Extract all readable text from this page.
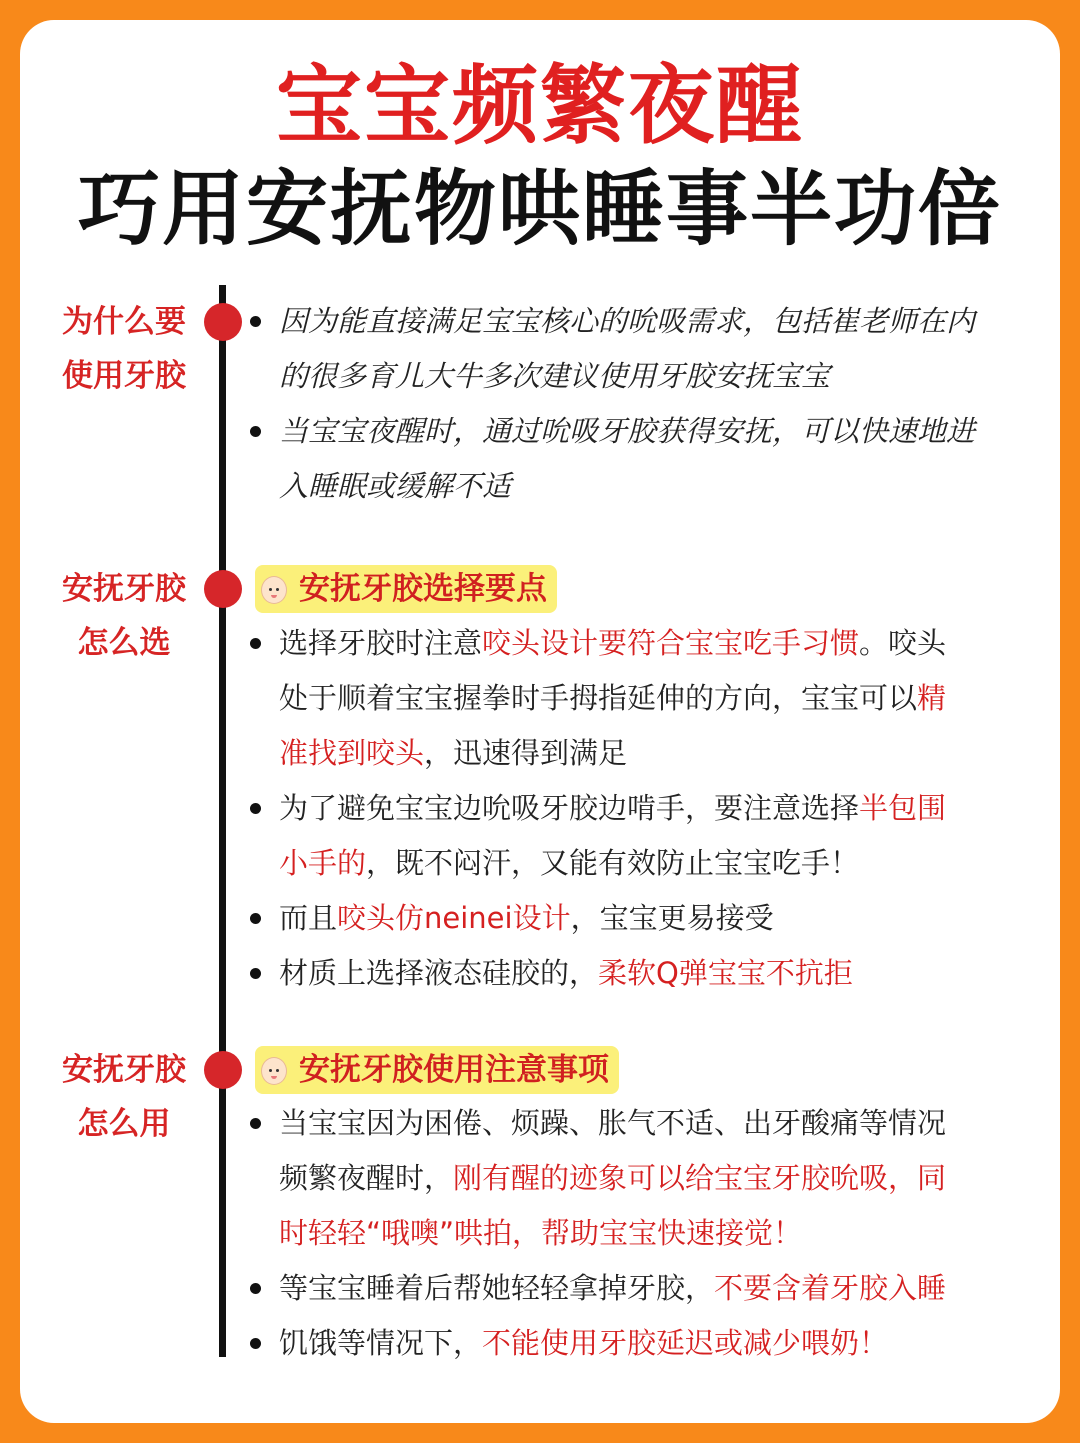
宝宝频繁夜醒
巧用安抚物哄睡事半功倍
为什么要
使用牙胶
因为能直接满足宝宝核心的吮吸需求，包括崔老师在内
的很多育儿大牛多次建议使用牙胶安抚宝宝
当宝宝夜醒时，通过吮吸牙胶获得安抚，可以快速地进
入睡眠或缓解不适
安抚牙胶
怎么选
安抚牙胶选择要点
选择牙胶时注意咬头设计要符合宝宝吃手习惯。咬头
处于顺着宝宝握拳时手拇指延伸的方向，宝宝可以精
准找到咬头，迅速得到满足
为了避免宝宝边吮吸牙胶边啃手，要注意选择半包围
小手的，既不闷汗，又能有效防止宝宝吃手！
而且咬头仿neinei设计，宝宝更易接受
材质上选择液态硅胶的，柔软Q弹宝宝不抗拒
安抚牙胶
怎么用
安抚牙胶使用注意事项
当宝宝因为困倦、烦躁、胀气不适、出牙酸痛等情况
频繁夜醒时，刚有醒的迹象可以给宝宝牙胶吮吸，同
时轻轻“哦噢”哄拍，帮助宝宝快速接觉！
等宝宝睡着后帮她轻轻拿掉牙胶，不要含着牙胶入睡
饥饿等情况下，不能使用牙胶延迟或减少喂奶！
